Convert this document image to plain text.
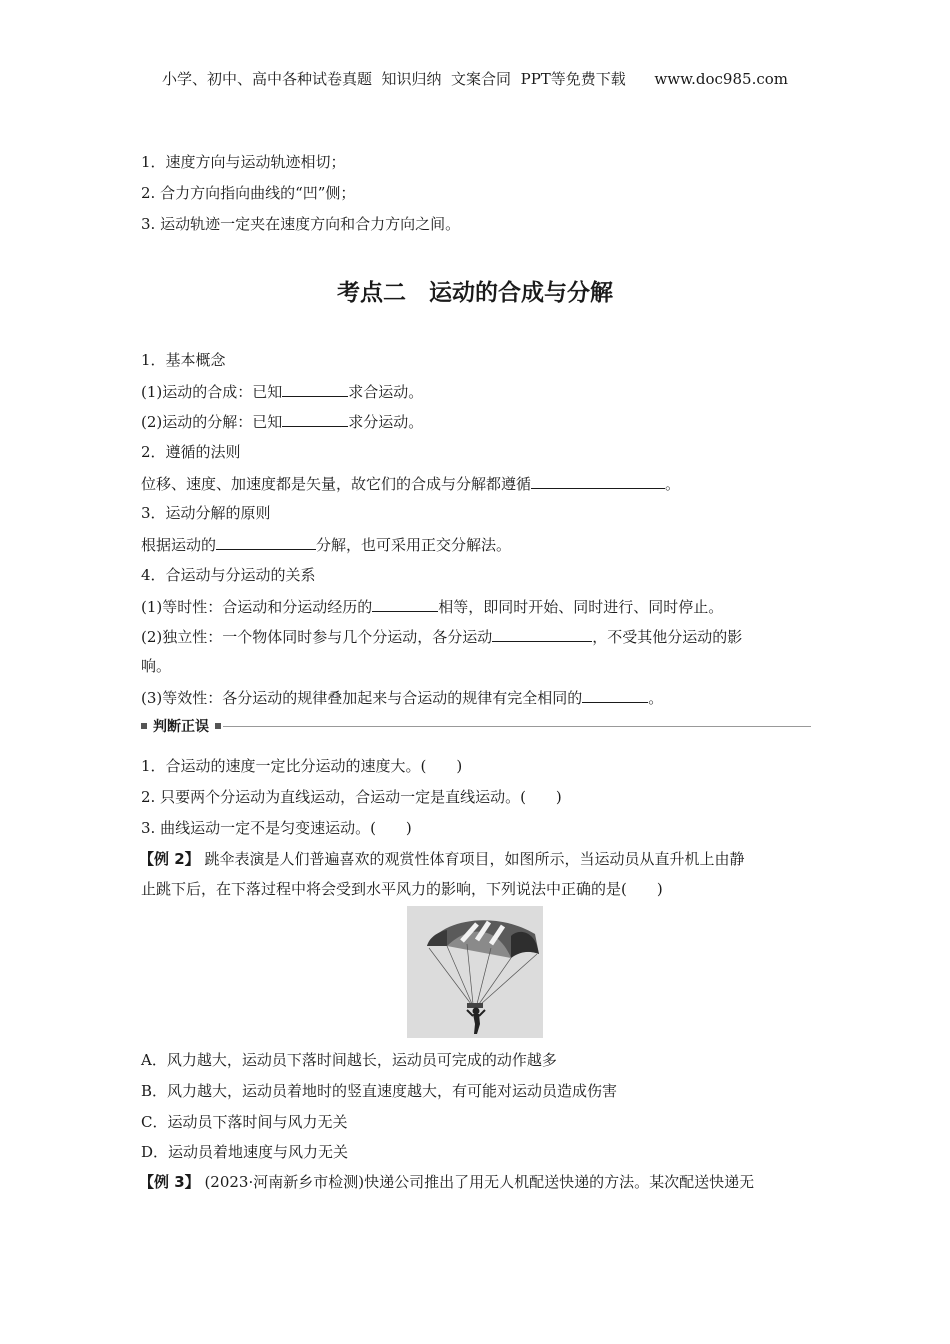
小学、初中、高中各种试卷真题  知识归纳  文案合同  PPT等免费下载      www.doc985.com
1．速度方向与运动轨迹相切；
2. 合力方向指向曲线的“凹”侧；
3. 运动轨迹一定夹在速度方向和合力方向之间。
考点二　运动的合成与分解
1．基本概念
(1)运动的合成：已知	求合运动。
(2)运动的分解：已知	求分运动。
2．遵循的法则
位移、速度、加速度都是矢量，故它们的合成与分解都遵循	。
3．运动分解的原则
根据运动的	分解，也可采用正交分解法。
4．合运动与分运动的关系
(1)等时性：合运动和分运动经历的	相等，即同时开始、同时进行、同时停止。
(2)独立性：一个物体同时参与几个分运动，各分运动	，不受其他分运动的影
响。
(3)等效性：各分运动的规律叠加起来与合运动的规律有完全相同的	。
判断正误
1．合运动的速度一定比分运动的速度大。(　　)
2. 只要两个分运动为直线运动，合运动一定是直线运动。(　　)
3. 曲线运动一定不是匀变速运动。(　　)
【例 2】 跳伞表演是人们普遍喜欢的观赏性体育项目，如图所示，当运动员从直升机上由静
止跳下后，在下落过程中将会受到水平风力的影响，下列说法中正确的是(　　)
A．风力越大，运动员下落时间越长，运动员可完成的动作越多
B．风力越大，运动员着地时的竖直速度越大，有可能对运动员造成伤害
C．运动员下落时间与风力无关
D．运动员着地速度与风力无关
【例 3】 (2023·河南新乡市检测)快递公司推出了用无人机配送快递的方法。某次配送快递无
